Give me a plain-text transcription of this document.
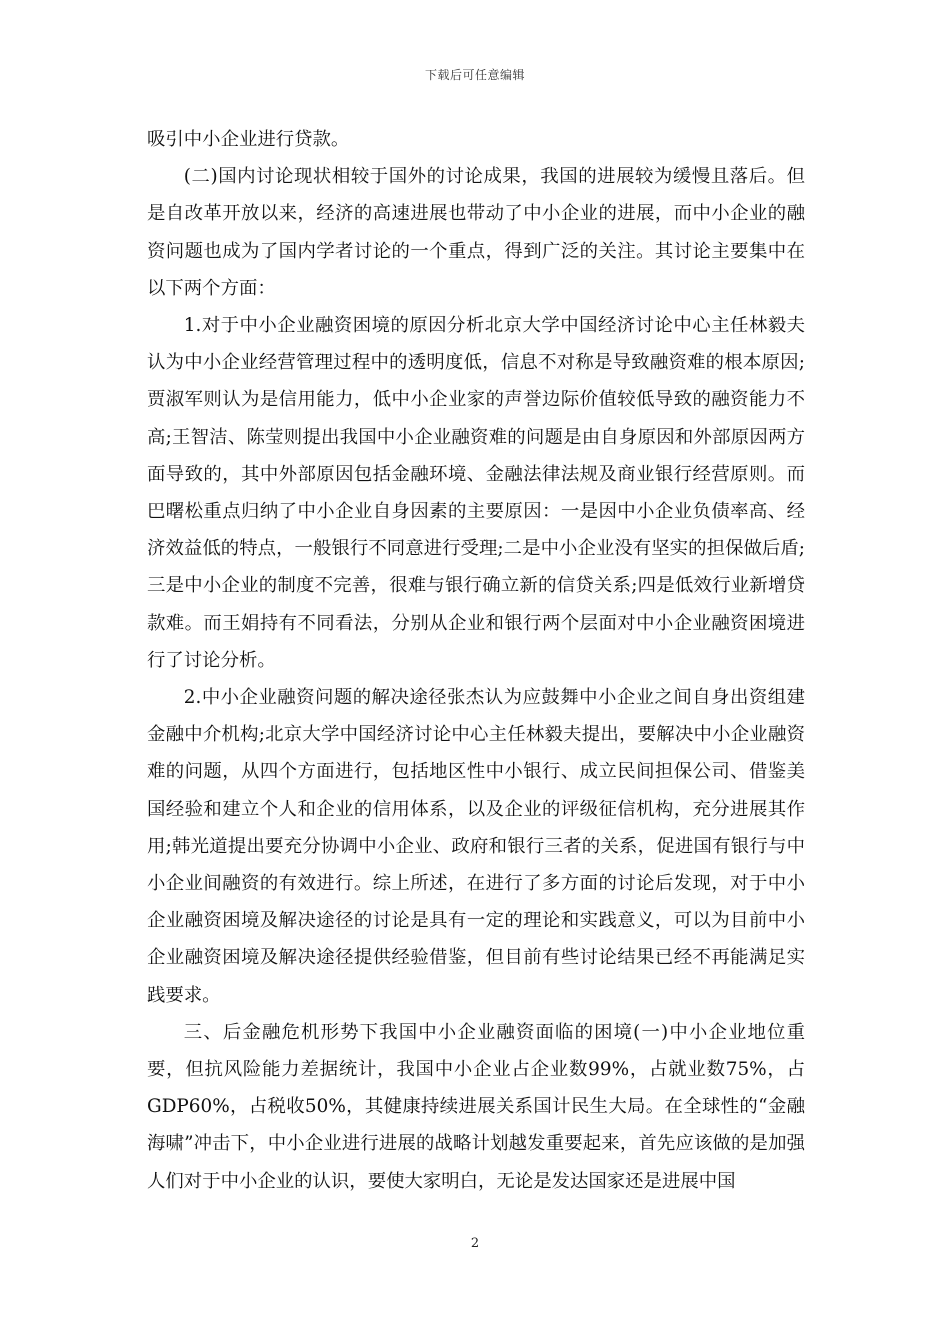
下载后可任意编辑

吸引中小企业进行贷款。

(二)国内讨论现状相较于国外的讨论成果，我国的进展较为缓慢且落后。但是自改革开放以来，经济的高速进展也带动了中小企业的进展，而中小企业的融资问题也成为了国内学者讨论的一个重点，得到广泛的关注。其讨论主要集中在以下两个方面：

1.对于中小企业融资困境的原因分析北京大学中国经济讨论中心主任林毅夫认为中小企业经营管理过程中的透明度低，信息不对称是导致融资难的根本原因;贾淑军则认为是信用能力，低中小企业家的声誉边际价值较低导致的融资能力不高;王智洁、陈莹则提出我国中小企业融资难的问题是由自身原因和外部原因两方面导致的，其中外部原因包括金融环境、金融法律法规及商业银行经营原则。而巴曙松重点归纳了中小企业自身因素的主要原因：一是因中小企业负债率高、经济效益低的特点，一般银行不同意进行受理;二是中小企业没有坚实的担保做后盾;三是中小企业的制度不完善，很难与银行确立新的信贷关系;四是低效行业新增贷款难。而王娟持有不同看法，分别从企业和银行两个层面对中小企业融资困境进行了讨论分析。

2.中小企业融资问题的解决途径张杰认为应鼓舞中小企业之间自身出资组建金融中介机构;北京大学中国经济讨论中心主任林毅夫提出，要解决中小企业融资难的问题，从四个方面进行，包括地区性中小银行、成立民间担保公司、借鉴美国经验和建立个人和企业的信用体系，以及企业的评级征信机构，充分进展其作用;韩光道提出要充分协调中小企业、政府和银行三者的关系，促进国有银行与中小企业间融资的有效进行。综上所述，在进行了多方面的讨论后发现，对于中小企业融资困境及解决途径的讨论是具有一定的理论和实践意义，可以为目前中小企业融资困境及解决途径提供经验借鉴，但目前有些讨论结果已经不再能满足实践要求。

三、后金融危机形势下我国中小企业融资面临的困境(一)中小企业地位重要，但抗风险能力差据统计，我国中小企业占企业数99%，占就业数75%，占GDP60%，占税收50%，其健康持续进展关系国计民生大局。在全球性的“金融海啸”冲击下，中小企业进行进展的战略计划越发重要起来，首先应该做的是加强人们对于中小企业的认识，要使大家明白，无论是发达国家还是进展中国

2
